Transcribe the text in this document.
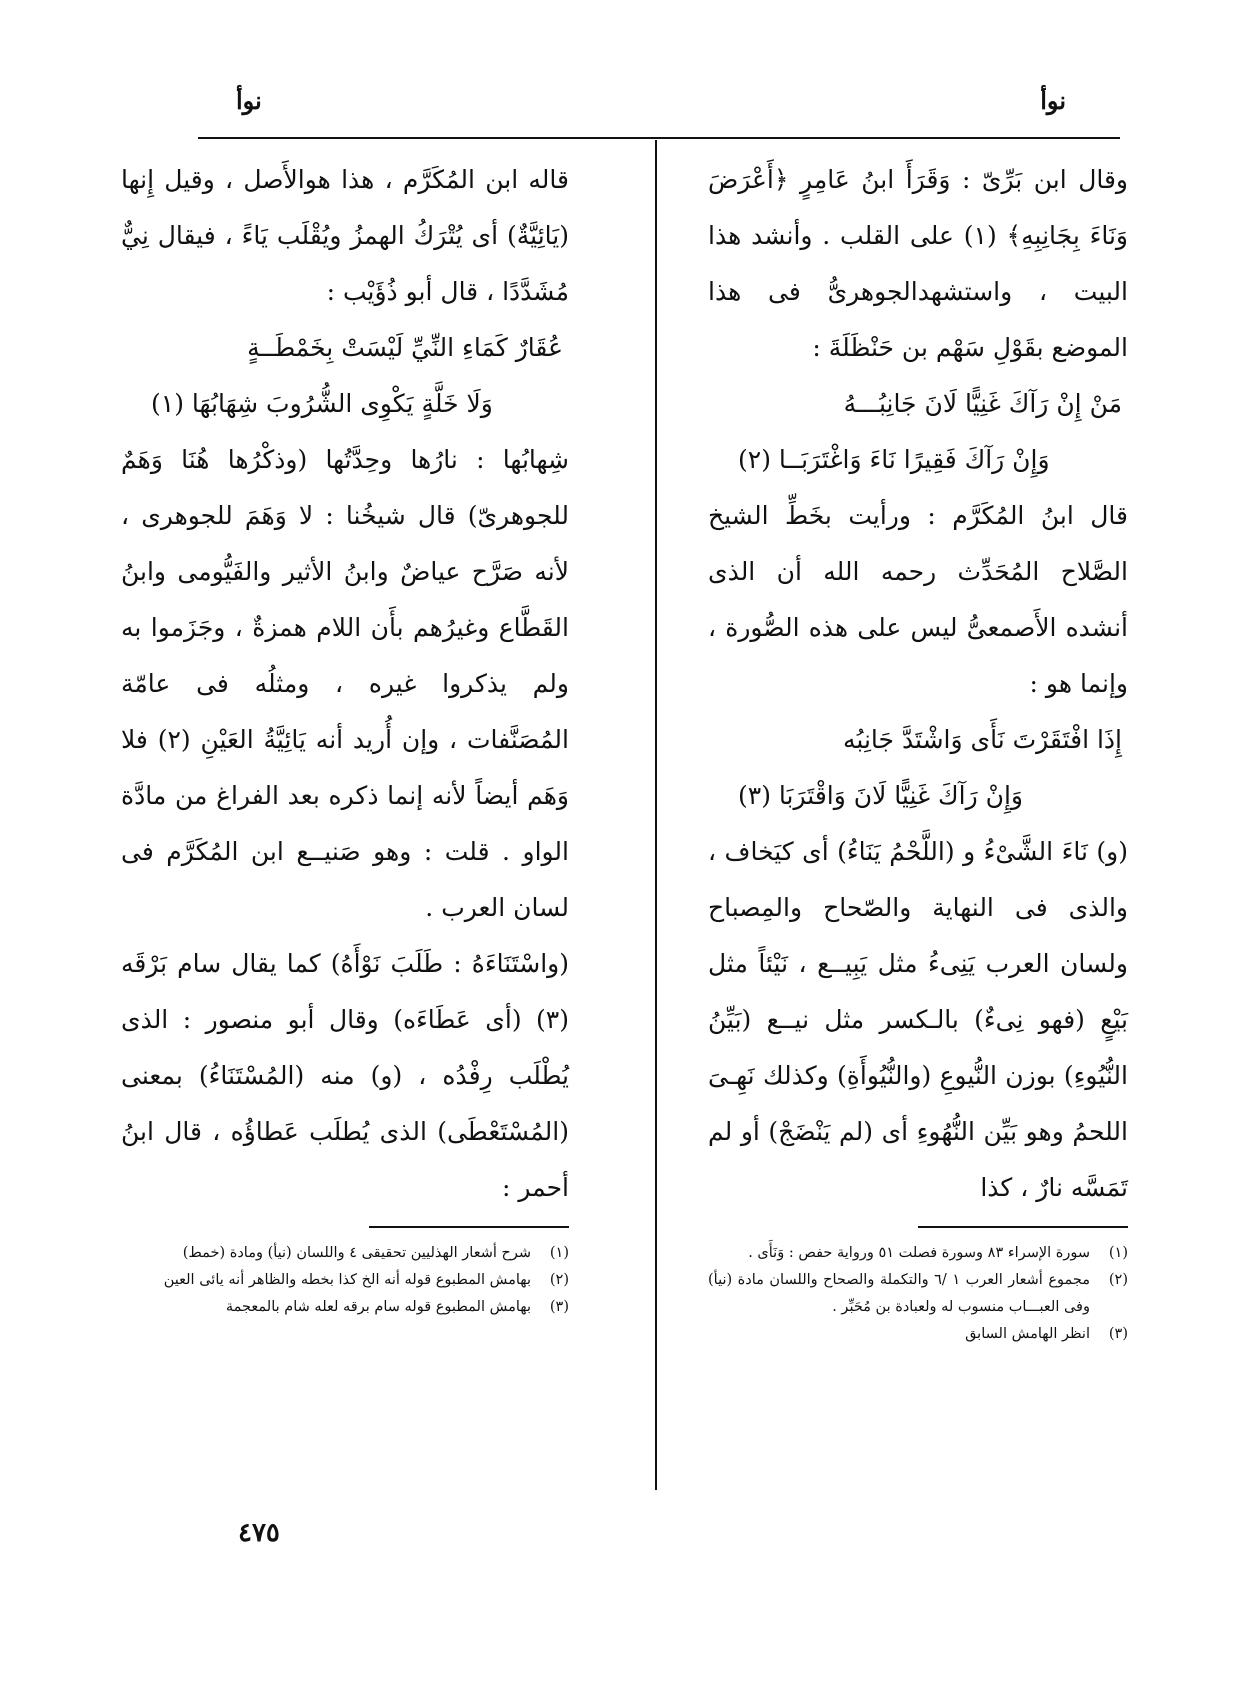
نوأ
نوأ

وقال ابن بَرِّىّ : وَقَرَأَ ابنُ عَامِرٍ ﴿أَعْرَضَ وَنَاءَ بِجَانِبِهِ﴾ (١) على القلب . وأنشد هذا البيت ، واستشهدالجوهرىُّ فى هذا الموضع بقَوْلِ سَهْم بن حَنْظَلَةَ :

مَنْ إِنْ رَآكَ غَنِيًّا لَانَ جَانِبُـــهُ
وَإِنْ رَآكَ فَقِيرًا نَاءَ وَاغْتَرَبَــا (٢)

قال ابنُ المُكَرَّم : ورأيت بخَطِّ الشيخ الصَّلاح المُحَدِّث رحمه الله أن الذى أنشده الأَصمعىُّ ليس على هذه الصُّورة ، وإنما هو :

إِذَا افْتَقَرْتَ نَأَى وَاشْتَدَّ جَانِبُه
وَإِنْ رَآكَ غَنِيًّا لَانَ وَاقْتَرَبَا (٣)

(و) نَاءَ الشَّىْءُ و (اللَّحْمُ يَنَاءُ) أى كيَخاف ، والذى فى النهاية والصّحاح والمِصباح ولسان العرب يَنِىءُ مثل يَبِيــع ، نَيْئاً مثل بَيْعٍ (فهو نِىءٌ) بالـكسر مثل نيــع (بَيِّنُ النُّيُوءِ) بوزن النُّيوعِ (والنُّيُوأَةِ) وكذلك نَهِـىَ اللحمُ وهو بَيِّن النُّهُوءِ أى (لم يَنْضَجْ) أو لم تَمَسَّه نارٌ ، كذا

(١)
سورة الإسراء ٨٣ وسورة فصلت ٥١ ورواية حفص : وَنَأَى .
(٢)
مجموع أشعار العرب ١ /٦ والتكملة والصحاح واللسان مادة (نيأ) وفى العبـــاب منسوب له ولعبادة بن مُحَبِّر .
(٣)
انظر الهامش السابق

قاله ابن المُكَرَّم ، هذا هوالأَصل ، وقيل إِنها (يَائِيَّةٌ) أى يُتْرَكُ الهمزُ ويُقْلَب يَاءً ، فيقال نِيٌّ مُشَدَّدًا ، قال أبو ذُؤَيْب :

عُقَارٌ كَمَاءِ النِّيِّ لَيْسَتْ بِخَمْطَــةٍ
وَلَا خَلَّةٍ يَكْوِى الشُّرُوبَ شِهَابُهَا (١)

شِهابُها : نارُها وحِدَّتُها (وذكْرُها هُنَا وَهَمٌ للجوهرىّ) قال شيخُنا : لا وَهَمَ للجوهرى ، لأنه صَرَّح عياضٌ وابنُ الأثير والفَيُّومى وابنُ القَطَّاع وغيرُهم بأَن اللام همزةٌ ، وجَزَموا به ولم يذكروا غيره ، ومثلُه فى عامّة المُصَنَّفات ، وإن أُريد أنه يَائِيَّةُ العَيْنِ (٢) فلا وَهَم أيضاً لأنه إنما ذكره بعد الفراغ من مادَّة الواو . قلت : وهو صَنيــع ابن المُكَرَّم فى لسان العرب .

(واسْتَنَاءَهُ : طَلَبَ نَوْأَهُ) كما يقال سام بَرْقَه (٣) (أى عَطَاءَه) وقال أبو منصور : الذى يُطْلَب رِفْدُه ، (و) منه (المُسْتَنَاءُ) بمعنى (المُسْتَعْطَى) الذى يُطلَب عَطاؤُه ، قال ابنُ أحمر :

(١)
شرح أشعار الهذليين تحقيقى ٤ واللسان (نيأ) ومادة (خمط)
(٢)
بهامش المطبوع قوله أنه الخ كذا بخطه والظاهر أنه يائى العين
(٣)
بهامش المطبوع قوله سام برقه لعله شام بالمعجمة
٤٧٥
